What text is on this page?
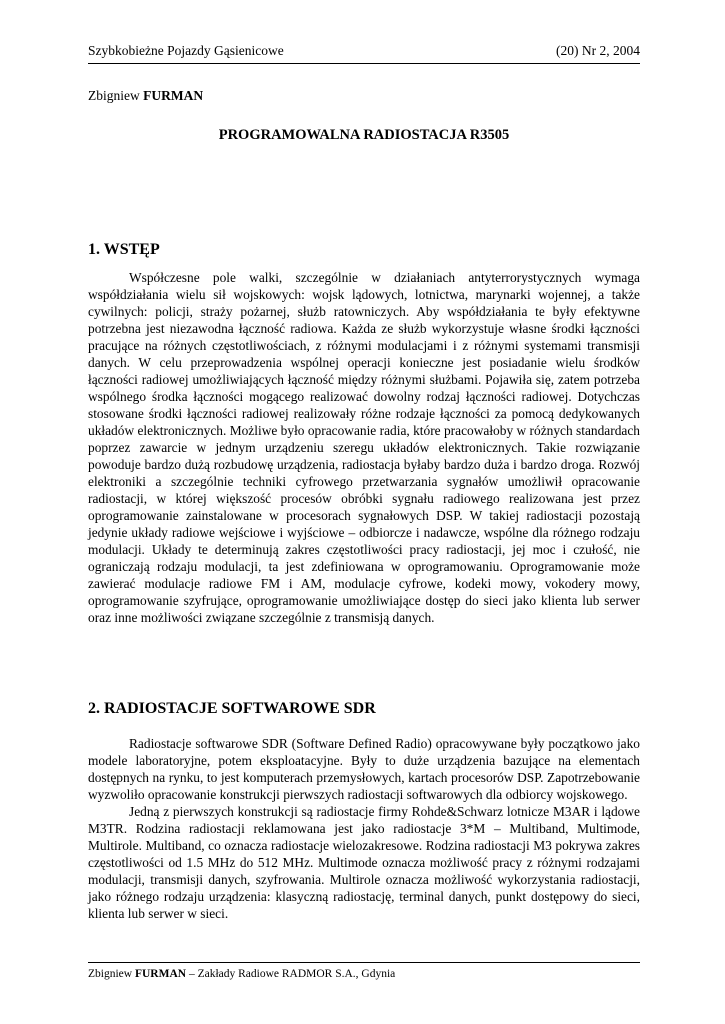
Szybkobieżne Pojazdy Gąsienicowe	(20) Nr 2, 2004
Zbigniew FURMAN
PROGRAMOWALNA RADIOSTACJA R3505
1. WSTĘP

Współczesne pole walki, szczególnie w działaniach antyterrorystycznych wymaga współdziałania wielu sił wojskowych: wojsk lądowych, lotnictwa, marynarki wojennej, a także cywilnych: policji, straży pożarnej, służb ratowniczych. Aby współdziałania te były efektywne potrzebna jest niezawodna łączność radiowa. Każda ze służb wykorzystuje własne środki łączności pracujące na różnych częstotliwościach, z różnymi modulacjami i z różnymi systemami transmisji danych. W celu przeprowadzenia wspólnej operacji konieczne jest posiadanie wielu środków łączności radiowej umożliwiających łączność między różnymi służbami. Pojawiła się, zatem potrzeba wspólnego środka łączności mogącego realizować dowolny rodzaj łączności radiowej. Dotychczas stosowane środki łączności radiowej realizowały różne rodzaje łączności za pomocą dedykowanych układów elektronicznych. Możliwe było opracowanie radia, które pracowałoby w różnych standardach poprzez zawarcie w jednym urządzeniu szeregu układów elektronicznych. Takie rozwiązanie powoduje bardzo dużą rozbudowę urządzenia, radiostacja byłaby bardzo duża i bardzo droga. Rozwój elektroniki a szczególnie techniki cyfrowego przetwarzania sygnałów umożliwił opracowanie radiostacji, w której większość procesów obróbki sygnału radiowego realizowana jest przez oprogramowanie zainstalowane w procesorach sygnałowych DSP. W takiej radiostacji pozostają jedynie układy radiowe wejściowe i wyjściowe – odbiorcze i nadawcze, wspólne dla różnego rodzaju modulacji. Układy te determinują zakres częstotliwości pracy radiostacji, jej moc i czułość, nie ograniczają rodzaju modulacji, ta jest zdefiniowana w oprogramowaniu. Oprogramowanie może zawierać modulacje radiowe FM i AM, modulacje cyfrowe, kodeki mowy, vokodery mowy, oprogramowanie szyfrujące, oprogramowanie umożliwiające dostęp do sieci jako klienta lub serwer oraz inne możliwości związane szczególnie z transmisją danych.

2. RADIOSTACJE SOFTWAROWE SDR

Radiostacje softwarowe SDR (Software Defined Radio) opracowywane były początkowo jako modele laboratoryjne, potem eksploatacyjne. Były to duże urządzenia bazujące na elementach dostępnych na rynku, to jest komputerach przemysłowych, kartach procesorów DSP. Zapotrzebowanie wyzwoliło opracowanie konstrukcji pierwszych radiostacji softwarowych dla odbiorcy wojskowego.

Jedną z pierwszych konstrukcji są radiostacje firmy Rohde&Schwarz lotnicze M3AR i lądowe M3TR. Rodzina radiostacji reklamowana jest jako radiostacje 3*M – Multiband, Multimode, Multirole. Multiband, co oznacza radiostacje wielozakresowe. Rodzina radiostacji M3 pokrywa zakres częstotliwości od 1.5 MHz do 512 MHz. Multimode oznacza możliwość pracy z różnymi rodzajami modulacji, transmisji danych, szyfrowania. Multirole oznacza możliwość wykorzystania radiostacji, jako różnego rodzaju urządzenia: klasyczną radiostację, terminal danych, punkt dostępowy do sieci, klienta lub serwer w sieci.

Zbigniew FURMAN – Zakłady Radiowe RADMOR S.A., Gdynia
